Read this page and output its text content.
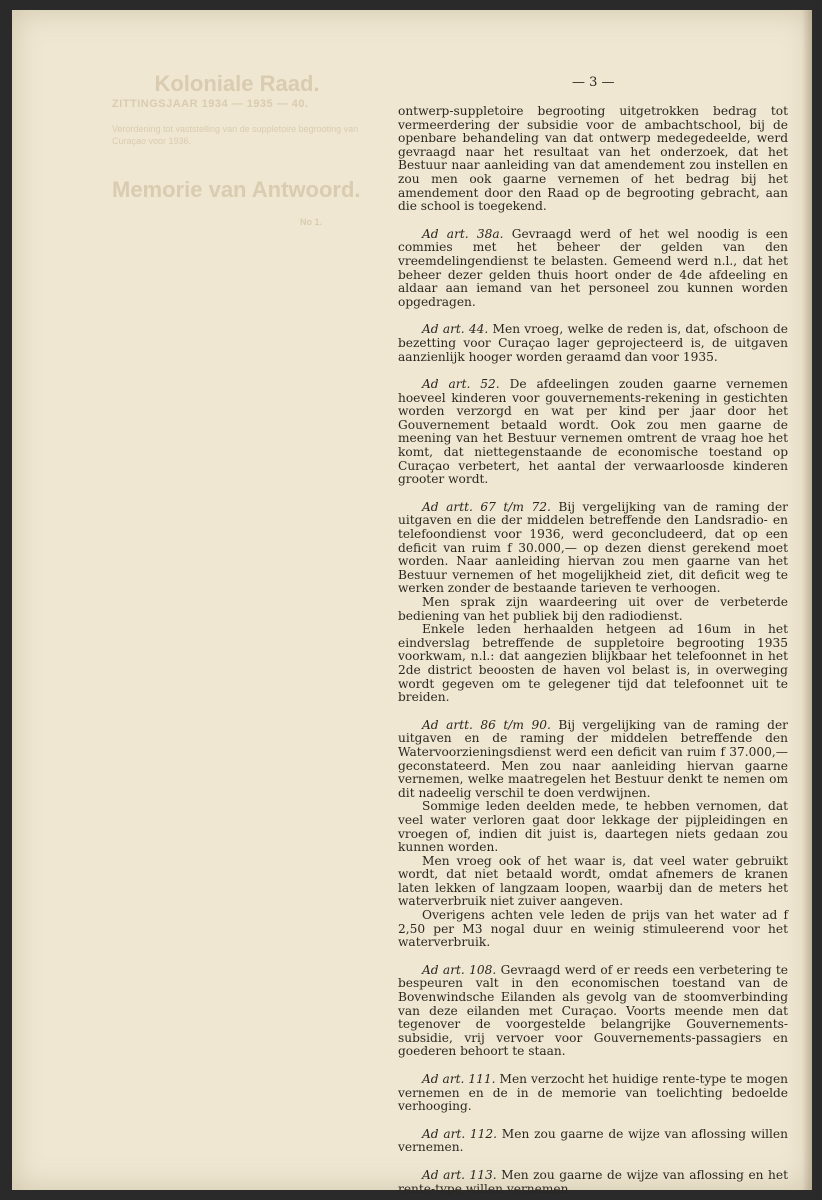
Koloniale Raad.
ZITTINGSJAAR 1934 — 1935 — 40.
Verordening tot vaststelling van de suppletoire begrooting van Curaçao voor 1936.
Memorie van Antwoord.
No 1.
— 3 —

ontwerp-suppletoire begrooting uitgetrokken bedrag tot vermeerdering der subsidie voor de ambachtschool, bij de openbare behandeling van dat ontwerp medegedeelde, werd gevraagd naar het resultaat van het onderzoek, dat het Bestuur naar aanleiding van dat amendement zou instellen en zou men ook gaarne vernemen of het bedrag bij het amendement door den Raad op de begrooting gebracht, aan die school is toegekend.

Ad art. 38a. Gevraagd werd of het wel noodig is een commies met het beheer der gelden van den vreemdelingendienst te belasten. Gemeend werd n.l., dat het beheer dezer gelden thuis hoort onder de 4de afdeeling en aldaar aan iemand van het personeel zou kunnen worden opgedragen.

Ad art. 44. Men vroeg, welke de reden is, dat, ofschoon de bezetting voor Curaçao lager geprojecteerd is, de uitgaven aanzienlijk hooger worden geraamd dan voor 1935.

Ad art. 52. De afdeelingen zouden gaarne vernemen hoeveel kinderen voor gouvernements-rekening in gestichten worden verzorgd en wat per kind per jaar door het Gouvernement betaald wordt. Ook zou men gaarne de meening van het Bestuur vernemen omtrent de vraag hoe het komt, dat niettegenstaande de economische toestand op Curaçao verbetert, het aantal der verwaarloosde kinderen grooter wordt.

Ad artt. 67 t/m 72. Bij vergelijking van de raming der uitgaven en die der middelen betreffende den Landsradio- en telefoondienst voor 1936, werd geconcludeerd, dat op een deficit van ruim f 30.000,— op dezen dienst gerekend moet worden. Naar aanleiding hiervan zou men gaarne van het Bestuur vernemen of het mogelijkheid ziet, dit deficit weg te werken zonder de bestaande tarieven te verhoogen.

Men sprak zijn waardeering uit over de verbeterde bediening van het publiek bij den radiodienst.

Enkele leden herhaalden hetgeen ad 16um in het eindverslag betreffende de suppletoire begrooting 1935 voorkwam, n.l.: dat aangezien blijkbaar het telefoonnet in het 2de district beoosten de haven vol belast is, in overweging wordt gegeven om te gelegener tijd dat telefoonnet uit te breiden.

Ad artt. 86 t/m 90. Bij vergelijking van de raming der uitgaven en de raming der middelen betreffende den Watervoorzieningsdienst werd een deficit van ruim f 37.000,— geconstateerd. Men zou naar aanleiding hiervan gaarne vernemen, welke maatregelen het Bestuur denkt te nemen om dit nadeelig verschil te doen verdwijnen.

Sommige leden deelden mede, te hebben vernomen, dat veel water verloren gaat door lekkage der pijpleidingen en vroegen of, indien dit juist is, daartegen niets gedaan zou kunnen worden.

Men vroeg ook of het waar is, dat veel water gebruikt wordt, dat niet betaald wordt, omdat afnemers de kranen laten lekken of langzaam loopen, waarbij dan de meters het waterverbruik niet zuiver aangeven.

Overigens achten vele leden de prijs van het water ad f 2,50 per M3 nogal duur en weinig stimuleerend voor het waterverbruik.

Ad art. 108. Gevraagd werd of er reeds een verbetering te bespeuren valt in den economischen toestand van de Bovenwindsche Eilanden als gevolg van de stoomverbinding van deze eilanden met Curaçao. Voorts meende men dat tegenover de voorgestelde belangrijke Gouvernements-subsidie, vrij vervoer voor Gouvernements-passagiers en goederen behoort te staan.

Ad art. 111. Men verzocht het huidige rente-type te mogen vernemen en de in de memorie van toelichting bedoelde verhooging.

Ad art. 112. Men zou gaarne de wijze van aflossing willen vernemen.

Ad art. 113. Men zou gaarne de wijze van aflossing en het rente-type willen vernemen.
